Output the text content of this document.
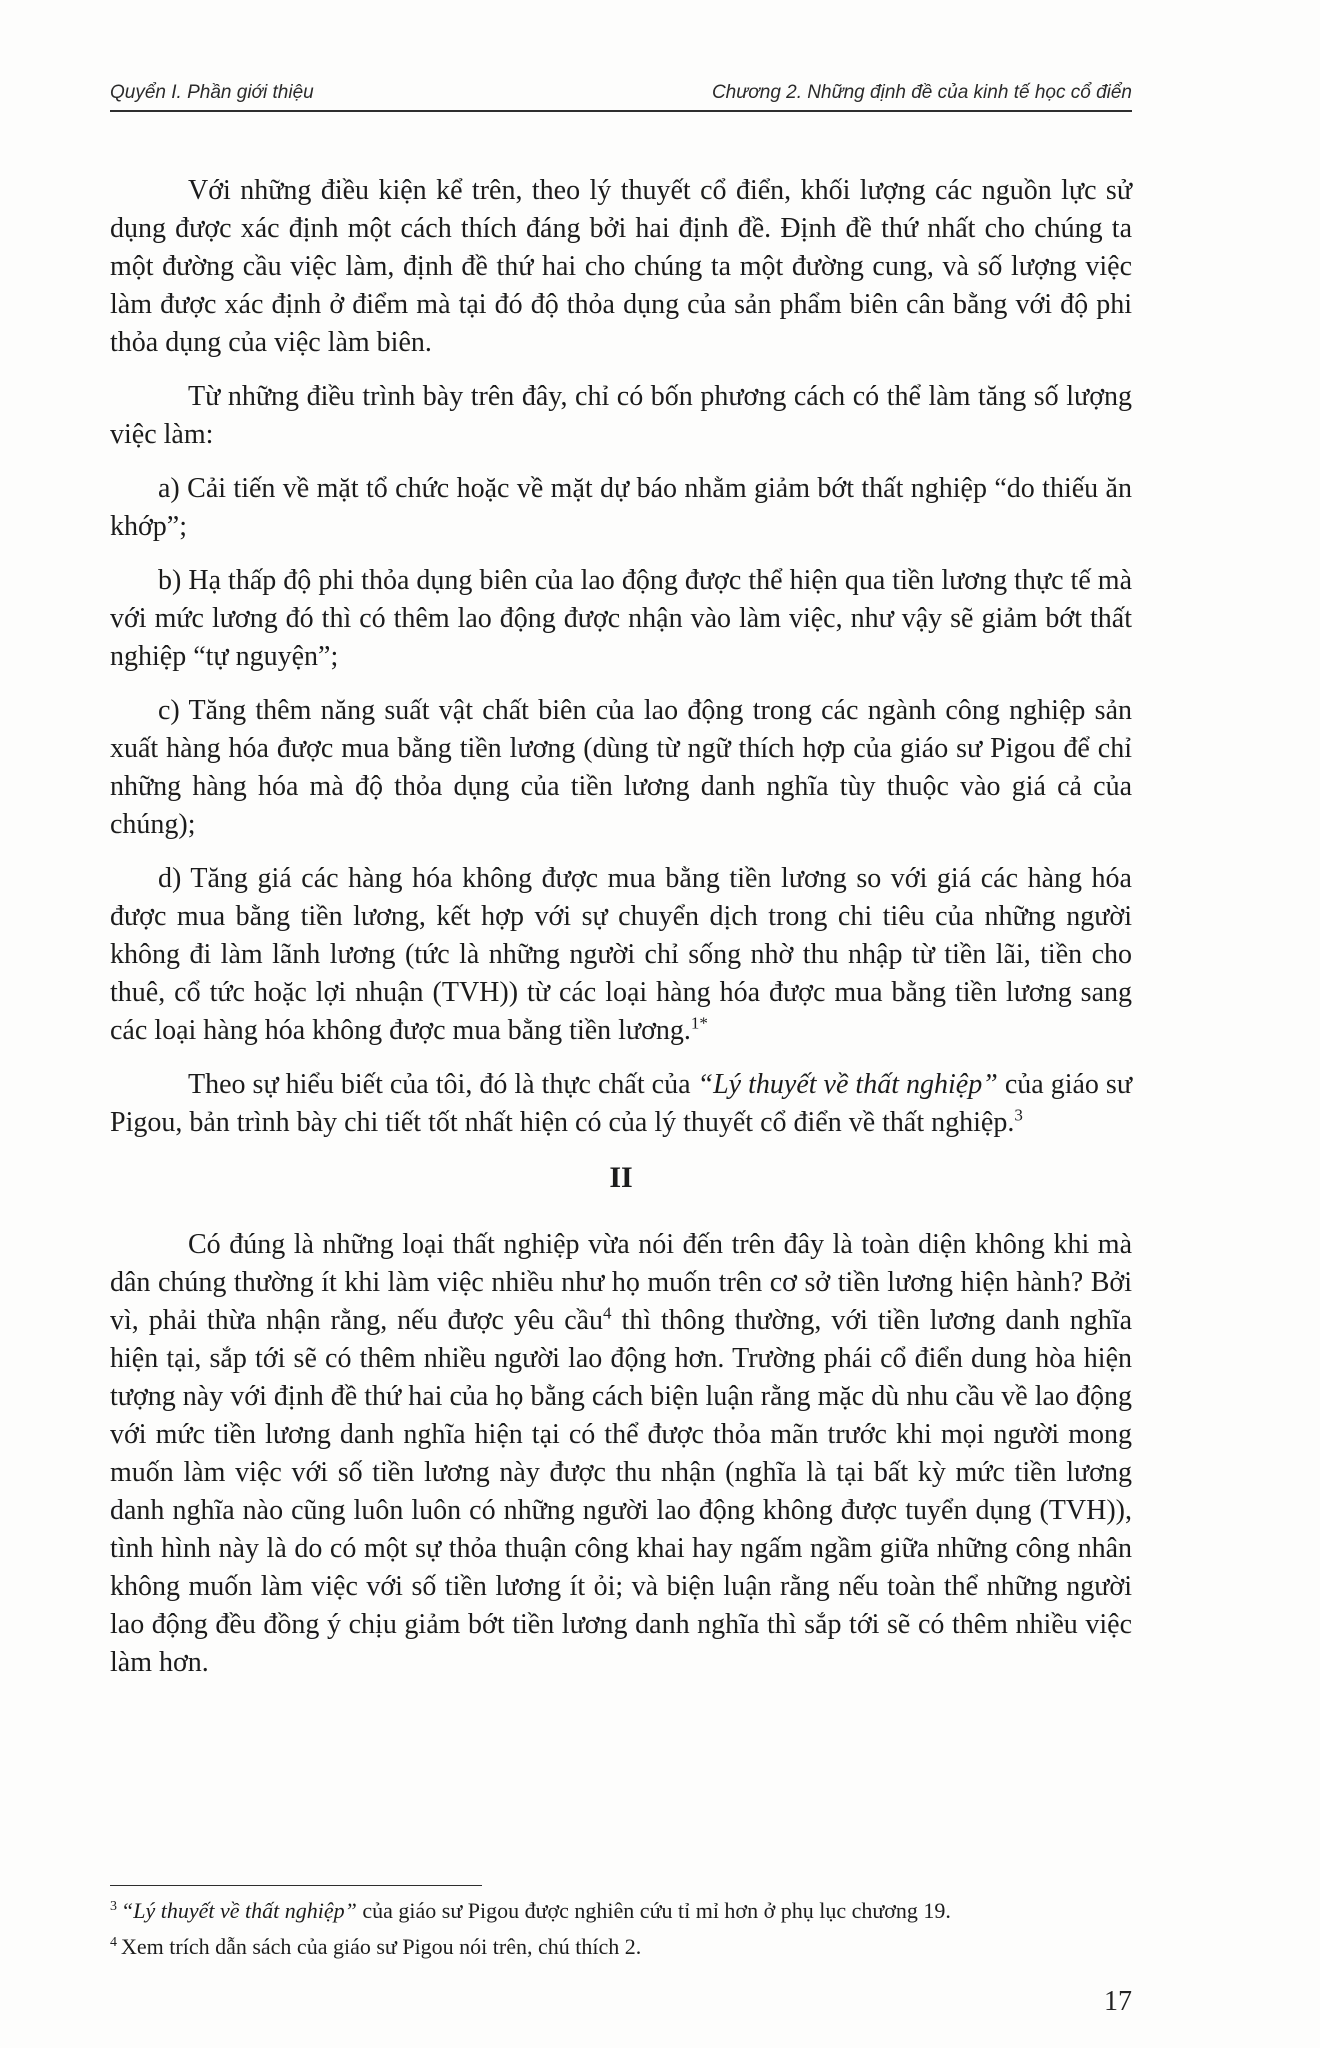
Quyển I. Phần giới thiệu	Chương 2. Những định đề của kinh tế học cổ điển

Với những điều kiện kể trên, theo lý thuyết cổ điển, khối lượng các nguồn lực sử dụng được xác định một cách thích đáng bởi hai định đề. Định đề thứ nhất cho chúng ta một đường cầu việc làm, định đề thứ hai cho chúng ta một đường cung, và số lượng việc làm được xác định ở điểm mà tại đó độ thỏa dụng của sản phẩm biên cân bằng với độ phi thỏa dụng của việc làm biên.

Từ những điều trình bày trên đây, chỉ có bốn phương cách có thể làm tăng số lượng việc làm:

a) Cải tiến về mặt tổ chức hoặc về mặt dự báo nhằm giảm bớt thất nghiệp “do thiếu ăn khớp”;

b) Hạ thấp độ phi thỏa dụng biên của lao động được thể hiện qua tiền lương thực tế mà với mức lương đó thì có thêm lao động được nhận vào làm việc, như vậy sẽ giảm bớt thất nghiệp “tự nguyện”;

c) Tăng thêm năng suất vật chất biên của lao động trong các ngành công nghiệp sản xuất hàng hóa được mua bằng tiền lương (dùng từ ngữ thích hợp của giáo sư Pigou để chỉ những hàng hóa mà độ thỏa dụng của tiền lương danh nghĩa tùy thuộc vào giá cả của chúng);

d) Tăng giá các hàng hóa không được mua bằng tiền lương so với giá các hàng hóa được mua bằng tiền lương, kết hợp với sự chuyển dịch trong chi tiêu của những người không đi làm lãnh lương (tức là những người chỉ sống nhờ thu nhập từ tiền lãi, tiền cho thuê, cổ tức hoặc lợi nhuận (TVH)) từ các loại hàng hóa được mua bằng tiền lương sang các loại hàng hóa không được mua bằng tiền lương.$^{1*}$

Theo sự hiểu biết của tôi, đó là thực chất của “Lý thuyết về thất nghiệp” của giáo sư Pigou, bản trình bày chi tiết tốt nhất hiện có của lý thuyết cổ điển về thất nghiệp.$^3$

II

Có đúng là những loại thất nghiệp vừa nói đến trên đây là toàn diện không khi mà dân chúng thường ít khi làm việc nhiều như họ muốn trên cơ sở tiền lương hiện hành? Bởi vì, phải thừa nhận rằng, nếu được yêu cầu$^4$ thì thông thường, với tiền lương danh nghĩa hiện tại, sắp tới sẽ có thêm nhiều người lao động hơn. Trường phái cổ điển dung hòa hiện tượng này với định đề thứ hai của họ bằng cách biện luận rằng mặc dù nhu cầu về lao động với mức tiền lương danh nghĩa hiện tại có thể được thỏa mãn trước khi mọi người mong muốn làm việc với số tiền lương này được thu nhận (nghĩa là tại bất kỳ mức tiền lương danh nghĩa nào cũng luôn luôn có những người lao động không được tuyển dụng (TVH)), tình hình này là do có một sự thỏa thuận công khai hay ngấm ngầm giữa những công nhân không muốn làm việc với số tiền lương ít ỏi; và biện luận rằng nếu toàn thể những người lao động đều đồng ý chịu giảm bớt tiền lương danh nghĩa thì sắp tới sẽ có thêm nhiều việc làm hơn.

$^3$ “Lý thuyết về thất nghiệp” của giáo sư Pigou được nghiên cứu tỉ mỉ hơn ở phụ lục chương 19.

$^4$ Xem trích dẫn sách của giáo sư Pigou nói trên, chú thích 2.

17
